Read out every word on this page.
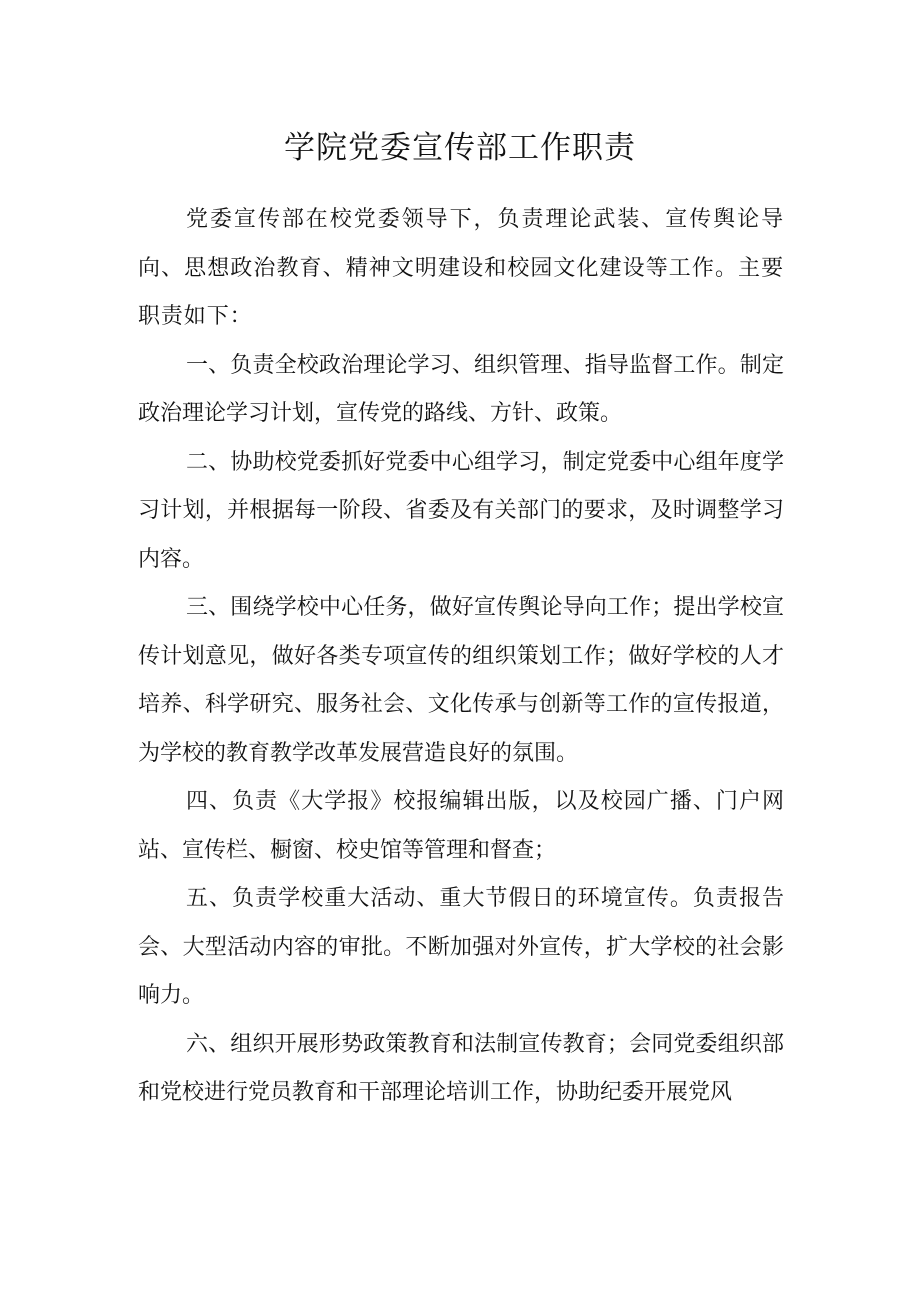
学院党委宣传部工作职责

党委宣传部在校党委领导下，负责理论武装、宣传舆论导向、思想政治教育、精神文明建设和校园文化建设等工作。主要职责如下：

一、负责全校政治理论学习、组织管理、指导监督工作。制定政治理论学习计划，宣传党的路线、方针、政策。

二、协助校党委抓好党委中心组学习，制定党委中心组年度学习计划，并根据每一阶段、省委及有关部门的要求，及时调整学习内容。

三、围绕学校中心任务，做好宣传舆论导向工作；提出学校宣传计划意见，做好各类专项宣传的组织策划工作；做好学校的人才培养、科学研究、服务社会、文化传承与创新等工作的宣传报道，为学校的教育教学改革发展营造良好的氛围。

四、负责《大学报》校报编辑出版，以及校园广播、门户网站、宣传栏、橱窗、校史馆等管理和督查；

五、负责学校重大活动、重大节假日的环境宣传。负责报告会、大型活动内容的审批。不断加强对外宣传，扩大学校的社会影响力。

六、组织开展形势政策教育和法制宣传教育；会同党委组织部和党校进行党员教育和干部理论培训工作，协助纪委开展党风
